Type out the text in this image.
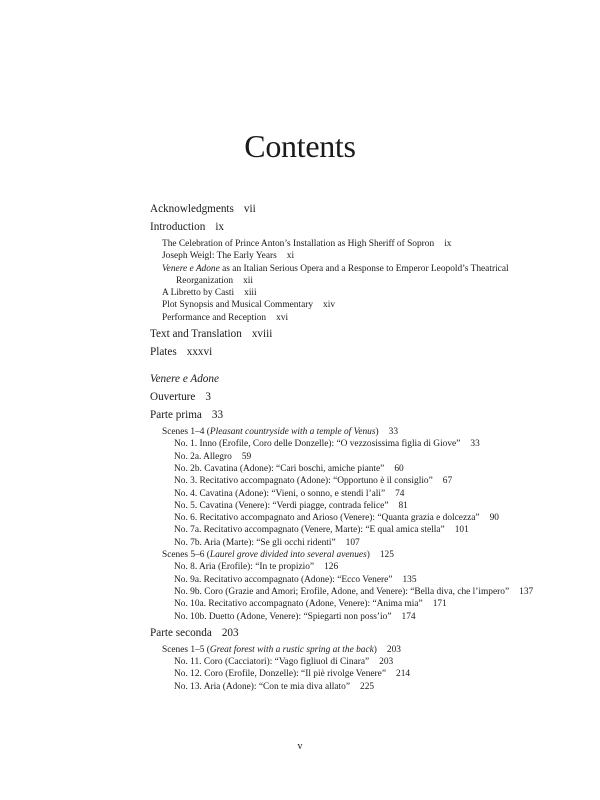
Contents
Acknowledgments vii
Introduction ix
The Celebration of Prince Anton’s Installation as High Sheriff of Sopron ix
Joseph Weigl: The Early Years xi
Venere e Adone as an Italian Serious Opera and a Response to Emperor Leopold’s Theatrical Reorganization xii
A Libretto by Casti xiii
Plot Synopsis and Musical Commentary xiv
Performance and Reception xvi
Text and Translation xviii
Plates xxxvi
Venere e Adone
Ouverture 3
Parte prima 33
Scenes 1–4 (Pleasant countryside with a temple of Venus) 33
No. 1. Inno (Erofile, Coro delle Donzelle): “O vezzosissima figlia di Giove” 33
No. 2a. Allegro 59
No. 2b. Cavatina (Adone): “Cari boschi, amiche piante” 60
No. 3. Recitativo accompagnato (Adone): “Opportuno è il consiglio” 67
No. 4. Cavatina (Adone): “Vieni, o sonno, e stendi l’ali” 74
No. 5. Cavatina (Venere): “Verdi piagge, contrada felice” 81
No. 6. Recitativo accompagnato and Arioso (Venere): “Quanta grazia e dolcezza” 90
No. 7a. Recitativo accompagnato (Venere, Marte): “E qual amica stella” 101
No. 7b. Aria (Marte): “Se gli occhi ridenti” 107
Scenes 5–6 (Laurel grove divided into several avenues) 125
No. 8. Aria (Erofile): “In te propizio” 126
No. 9a. Recitativo accompagnato (Adone): “Ecco Venere” 135
No. 9b. Coro (Grazie and Amori; Erofile, Adone, and Venere): “Bella diva, che l’impero” 137
No. 10a. Recitativo accompagnato (Adone, Venere): “Anima mia” 171
No. 10b. Duetto (Adone, Venere): “Spiegarti non poss’io” 174
Parte seconda 203
Scenes 1–5 (Great forest with a rustic spring at the back) 203
No. 11. Coro (Cacciatori): “Vago figliuol di Cinara” 203
No. 12. Coro (Erofile, Donzelle): “Il piè rivolge Venere” 214
No. 13. Aria (Adone): “Con te mia diva allato” 225
v
